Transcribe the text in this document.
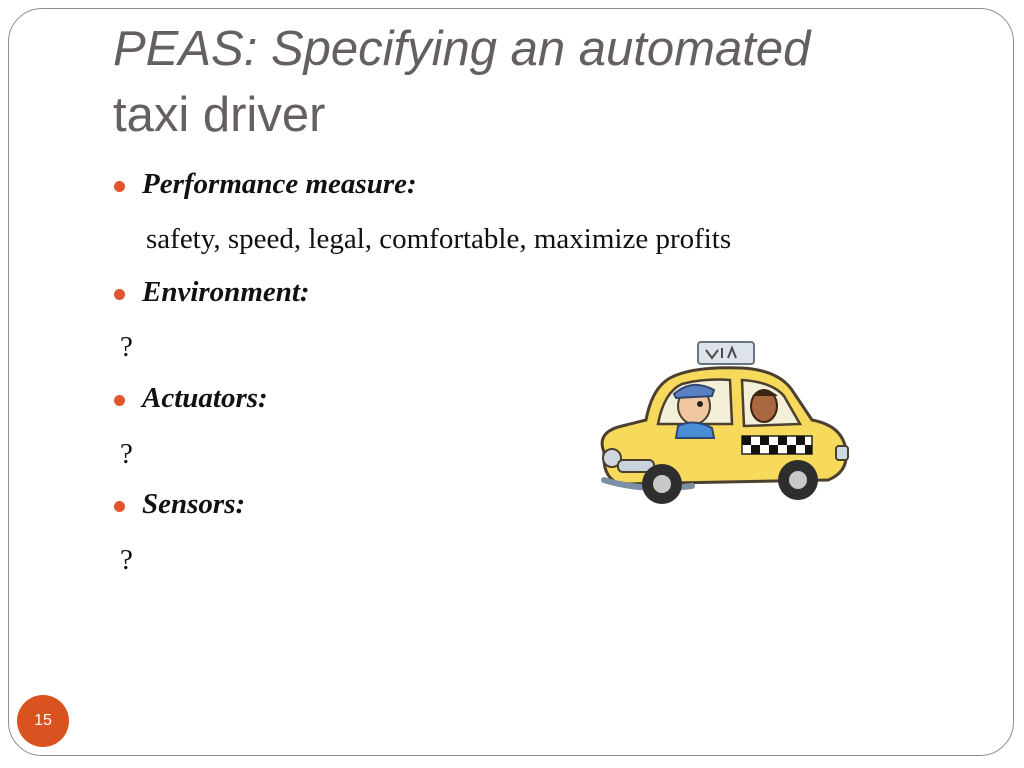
PEAS: Specifying an automated
taxi driver
Performance measure:
safety, speed, legal, comfortable, maximize profits
Environment:
?
Actuators:
?
Sensors:
?
15
